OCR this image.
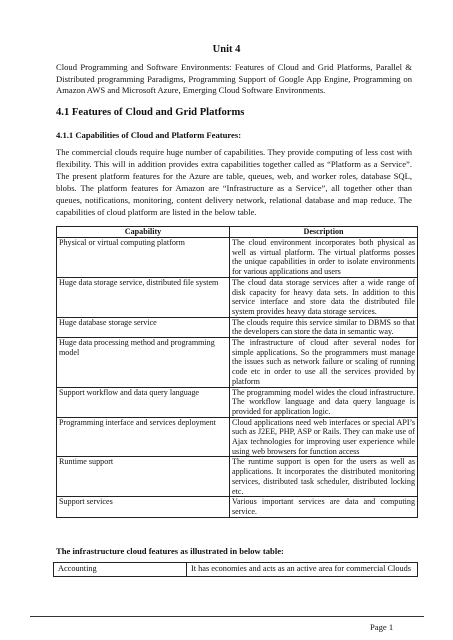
Unit 4

Cloud Programming and Software Environments: Features of Cloud and Grid Platforms, Parallel & Distributed programming Paradigms, Programming Support of Google App Engine, Programming on Amazon AWS and Microsoft Azure, Emerging Cloud Software Environments.

4.1 Features of Cloud and Grid Platforms

4.1.1 Capabilities of Cloud and Platform Features:

The commercial clouds require huge number of capabilities. They provide computing of less cost with flexibility. This will in addition provides extra capabilities together called as “Platform as a Service”. The present platform features for the Azure are table, queues, web, and worker roles, database SQL, blobs. The platform features for Amazon are “Infrastructure as a Service”, all together other than queues, notifications, monitoring, content delivery network, relational database and map reduce. The capabilities of cloud platform are listed in the below table.

Capability	Description
Physical or virtual computing platform	The cloud environment incorporates both physical as well as virtual platform. The virtual platforms posses the unique capabilities in order to isolate environments for various applications and users
Huge data storage service, distributed file system	The cloud data storage services after a wide range of disk capacity for heavy data sets. In addition to this service interface and store data the distributed file system provides heavy data storage services.
Huge database storage service	The clouds require this service similar to DBMS so that the developers can store the data in semantic way.
Huge data processing method and programming model	The infrastructure of cloud after several nodes for simple applications. So the programmers must manage the issues such as network failure or scaling of running code etc in order to use all the services provided by platform
Support workflow and data query language	The programming model wides the cloud infrastructure. The workflow language and data query language is provided for application logic.
Programming interface and services deployment	Cloud applications need web interfaces or special API’s such as J2EE, PHP, ASP or Rails. They can make use of Ajax technologies for improving user experience while using web browsers for function access
Runtime support	The runtime support is open for the users as well as applications. It incorporates the distributed monitoring services, distributed task scheduler, distributed locking etc.
Support services	Various important services are data and computing service.

The infrastructure cloud features as illustrated in below table:

Accounting	It has economies and acts as an active area for commercial Clouds
Page 1
